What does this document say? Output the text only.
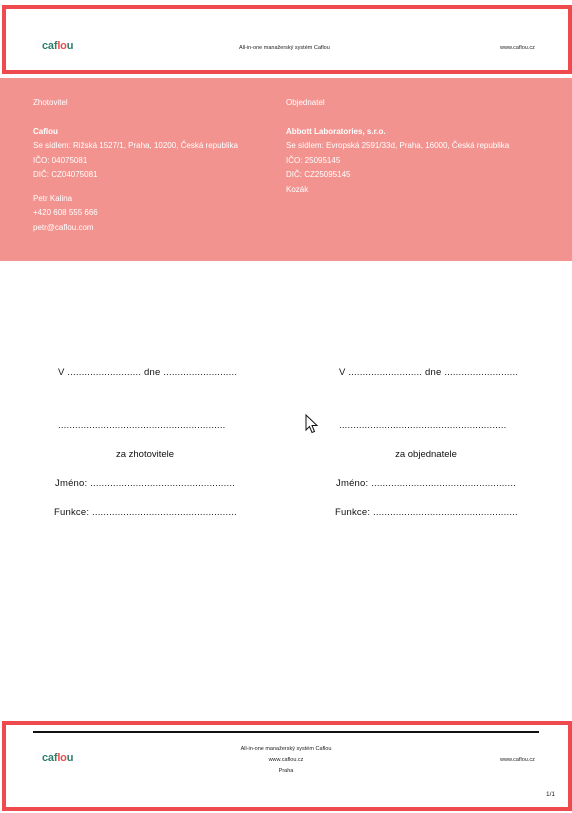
caf lo u	All-in-one manažerský systém Caflou	www.caflou.cz
Zhotovitel
Caflou
Se sídlem: Rižská 1527/1, Praha, 10200, Česká republika
IČO: 04075081
DIČ: CZ04075081
Petr Kalina
+420 608 555 666
petr@caflou.com
Objednatel
Abbott Laboratories, s.r.o.
Se sídlem: Evropská 2591/33d, Praha, 16000, Česká republika
IČO: 25095145
DIČ: CZ25095145
Kozák
V .......................... dne ..........................
...........................................................
za zhotovitele
Jméno: ...................................................
Funkce: ...................................................
V .......................... dne ..........................
...........................................................
za objednatele
Jméno: ...................................................
Funkce: ...................................................
caf lo u
All-in-one manažerský systém Caflou
www.caflou.cz
Praha
www.caflou.cz
1/1
